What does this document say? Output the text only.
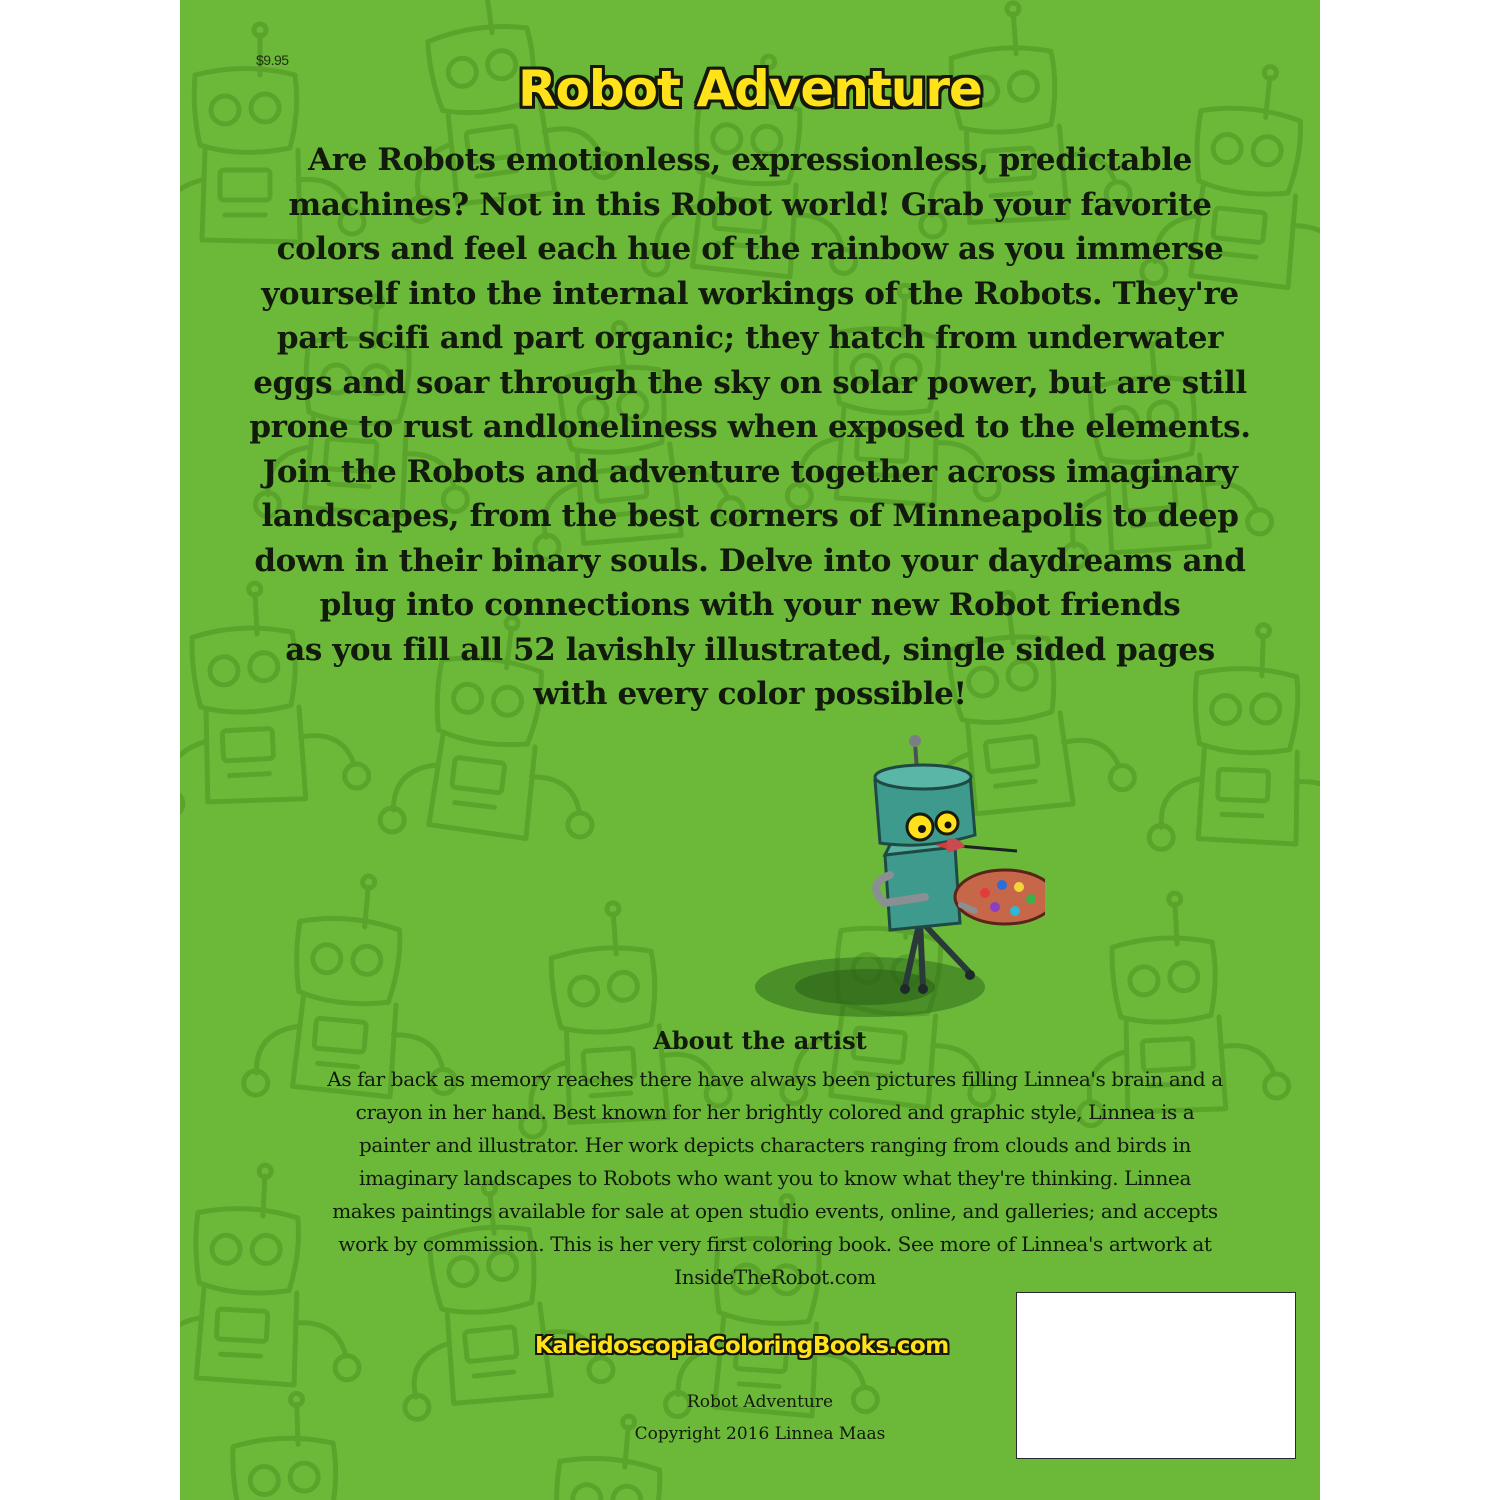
$9.95	Robot Adventure

Are Robots emotionless, expressionless, predictable
machines? Not in this Robot world! Grab your favorite
colors and feel each hue of the rainbow as you immerse
yourself into the internal workings of the Robots. They're
part scifi and part organic; they hatch from underwater
eggs and soar through the sky on solar power, but are still
prone to rust andloneliness when exposed to the elements.
Join the Robots and adventure together across imaginary
landscapes, from the best corners of Minneapolis to deep
down in their binary souls. Delve into your daydreams and
plug into connections with your new Robot friends
as you fill all 52 lavishly illustrated, single sided pages
with every color possible!

About the artist

As far back as memory reaches there have always been pictures filling Linnea's brain and a
crayon in her hand. Best known for her brightly colored and graphic style, Linnea is a
painter and illustrator. Her work depicts characters ranging from clouds and birds in
imaginary landscapes to Robots who want you to know what they're thinking. Linnea
makes paintings available for sale at open studio events, online, and galleries; and accepts
work by commission. This is her very first coloring book. See more of Linnea's artwork at
InsideTheRobot.com

KaleidoscopiaColoringBooks.com
Robot Adventure
Copyright 2016 Linnea Maas
